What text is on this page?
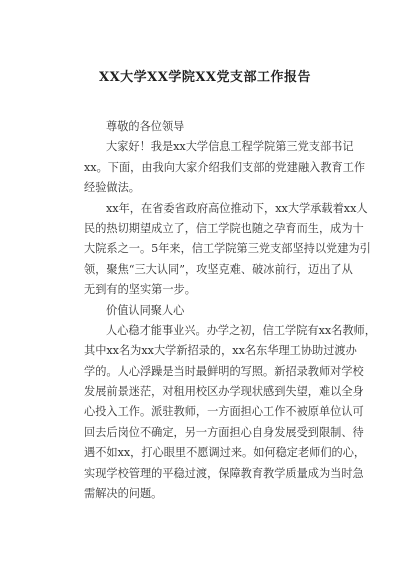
XX大学XX学院XX党支部工作报告
尊敬的各位领导
大家好！我是xx大学信息工程学院第三党支部书记
xx。下面，由我向大家介绍我们支部的党建融入教育工作
经验做法。
xx年，在省委省政府高位推动下，xx大学承载着xx人
民的热切期望成立了，信工学院也随之孕育而生，成为十
大院系之一。5年来，信工学院第三党支部坚持以党建为引
领，聚焦“三大认同”，攻坚克难、破冰前行，迈出了从
无到有的坚实第一步。
价值认同聚人心
人心稳才能事业兴。办学之初，信工学院有xx名教师，
其中xx名为xx大学新招录的，xx名东华理工协助过渡办
学的。人心浮躁是当时最鲜明的写照。新招录教师对学校
发展前景迷茫，对租用校区办学现状感到失望，难以全身
心投入工作。派驻教师，一方面担心工作不被原单位认可
回去后岗位不确定，另一方面担心自身发展受到限制、待
遇不如xx，打心眼里不愿调过来。如何稳定老师们的心，
实现学校管理的平稳过渡，保障教育教学质量成为当时急
需解决的问题。
